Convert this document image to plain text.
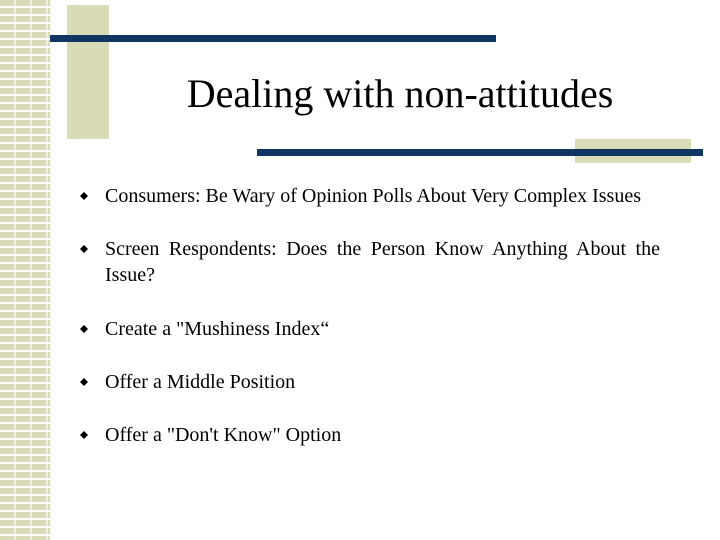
Dealing with non-attitudes
Consumers: Be Wary of Opinion Polls About Very Complex Issues
Screen Respondents: Does the Person Know Anything About the Issue?
Create a "Mushiness Index“
Offer a Middle Position
Offer a "Don't Know" Option
